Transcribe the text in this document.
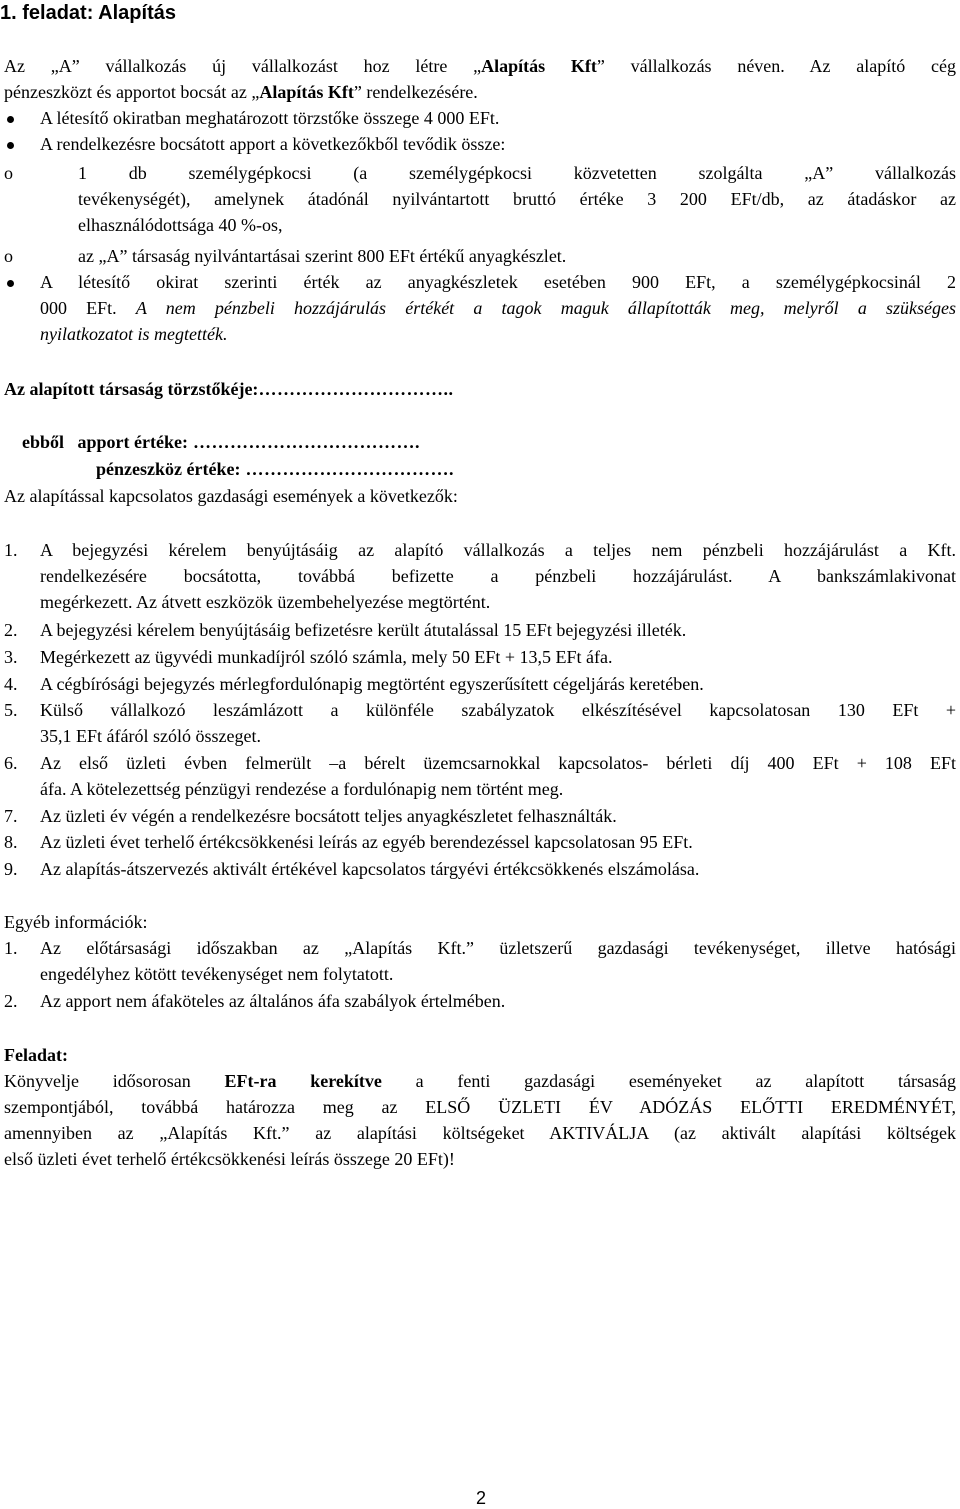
1. feladat: Alapítás
Az „A” vállalkozás új vállalkozást hoz létre „Alapítás Kft” vállalkozás néven. Az alapító cég
pénzeszközt és apportot bocsát az „Alapítás Kft” rendelkezésére.
A létesítő okiratban meghatározott törzstőke összege 4 000 EFt.
A rendelkezésre bocsátott apport a következőkből tevődik össze:
o	1 db személygépkocsi (a személygépkocsi közvetetten szolgálta „A” vállalkozás
tevékenységét), amelynek átadónál nyilvántartott bruttó értéke 3 200 EFt/db, az átadáskor az
elhasználódottsága 40 %-os,
o	az „A” társaság nyilvántartásai szerint 800 EFt értékű anyagkészlet.
A létesítő okirat szerinti érték az anyagkészletek esetében 900 EFt, a személygépkocsinál 2
000 EFt. A nem pénzbeli hozzájárulás értékét a tagok maguk állapították meg, melyről a szükséges
nyilatkozatot is megtették.
Az alapított társaság törzstőkéje:…………………………..

ebből   apport értéke: ……………………………….

pénzeszköz értéke: …………………………….

Az alapítással kapcsolatos gazdasági események a következők:
1. A bejegyzési kérelem benyújtásáig az alapító vállalkozás a teljes nem pénzbeli hozzájárulást a Kft.
rendelkezésére bocsátotta, továbbá befizette a pénzbeli hozzájárulást. A bankszámlakivonat
megérkezett. Az átvett eszközök üzembehelyezése megtörtént.
2. A bejegyzési kérelem benyújtásáig befizetésre került átutalással 15 EFt bejegyzési illeték.
3. Megérkezett az ügyvédi munkadíjról szóló számla, mely 50 EFt + 13,5 EFt áfa.
4. A cégbírósági bejegyzés mérlegfordulónapig megtörtént egyszerűsített cégeljárás keretében.
5. Külső vállalkozó leszámlázott a különféle szabályzatok elkészítésével kapcsolatosan 130 EFt +
35,1 EFt áfáról szóló összeget.
6. Az első üzleti évben felmerült –a bérelt üzemcsarnokkal kapcsolatos- bérleti díj 400 EFt + 108 EFt
áfa. A kötelezettség pénzügyi rendezése a fordulónapig nem történt meg.
7. Az üzleti év végén a rendelkezésre bocsátott teljes anyagkészletet felhasználták.
8. Az üzleti évet terhelő értékcsökkenési leírás az egyéb berendezéssel kapcsolatosan 95 EFt.
9. Az alapítás-átszervezés aktivált értékével kapcsolatos tárgyévi értékcsökkenés elszámolása.
Egyéb információk:
1. Az előtársasági időszakban az „Alapítás Kft.” üzletszerű gazdasági tevékenységet, illetve hatósági
engedélyhez kötött tevékenységet nem folytatott.
2. Az apport nem áfaköteles az általános áfa szabályok értelmében.
Feladat:
Könyvelje idősorosan EFt-ra kerekítve a fenti gazdasági eseményeket az alapított társaság
szempontjából, továbbá határozza meg az ELSŐ ÜZLETI ÉV ADÓZÁS ELŐTTI EREDMÉNYÉT,
amennyiben az „Alapítás Kft.” az alapítási költségeket AKTIVÁLJA (az aktivált alapítási költségek
első üzleti évet terhelő értékcsökkenési leírás összege 20 EFt)!
2
